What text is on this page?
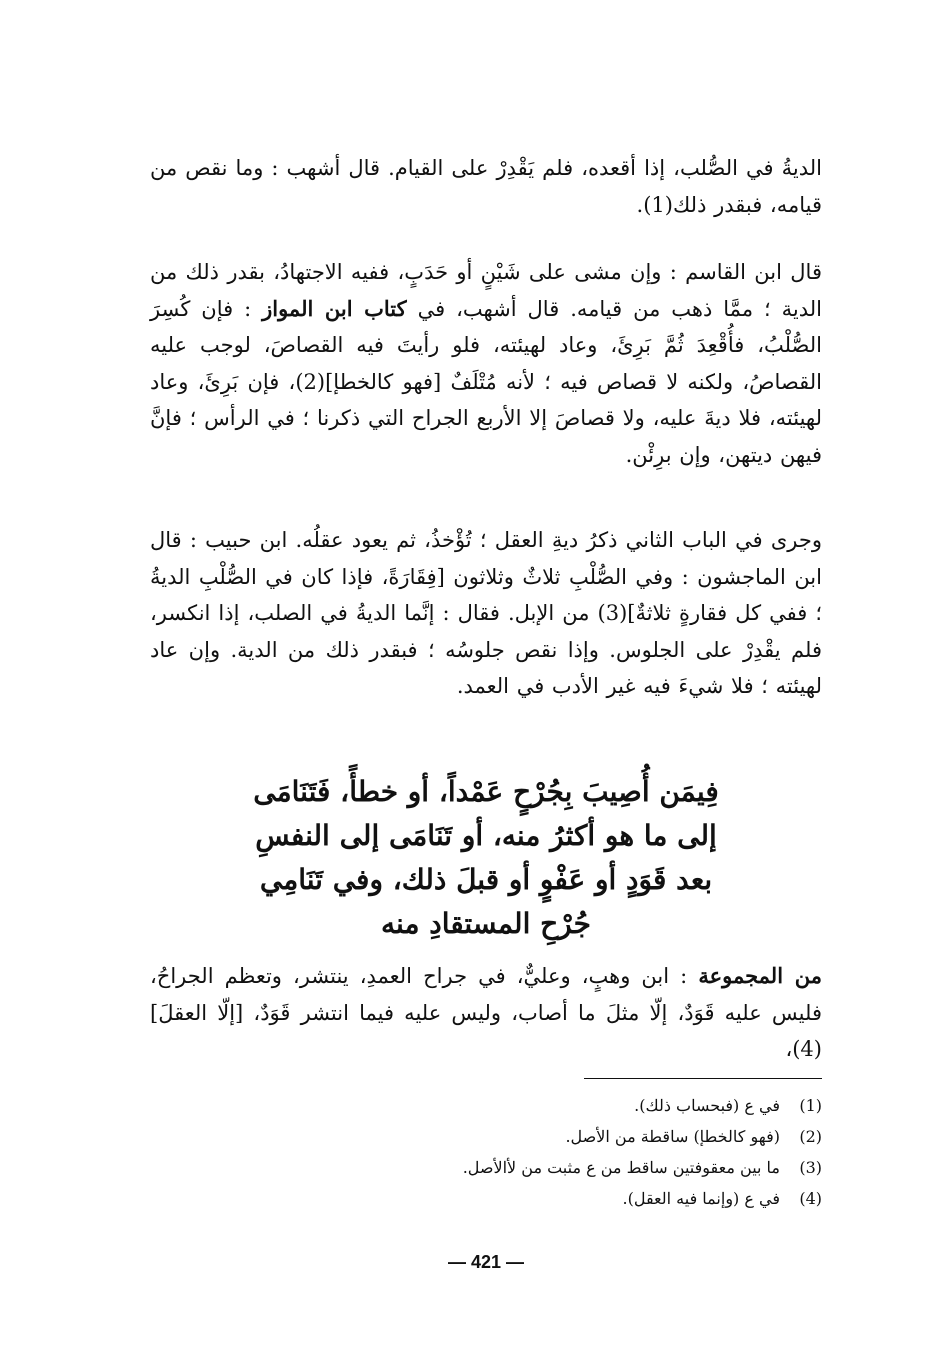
الديةُ في الصُّلب، إذا أقعده، فلم يَقْدِرْ على القيام. قال أشهب : وما نقص من قيامه، فبقدر ذلك(1).

قال ابن القاسم : وإن مشى على شَيْنٍ أو حَدَبٍ، ففيه الاجتهادُ، بقدر ذلك من الدية ؛ ممَّا ذهب من قيامه. قال أشهب، في كتاب ابن المواز : فإن كُسِرَ الصُّلْبُ، فأُقْعِدَ ثُمَّ بَرِئَ، وعاد لهيئته، فلو رأيتَ فيه القصاصَ، لوجب عليه القصاصُ، ولكنه لا قصاص فيه ؛ لأنه مُتْلَفٌ [فهو كالخطإ](2)، فإن بَرِئَ، وعاد لهيئته، فلا ديةَ عليه، ولا قصاصَ إلا الأربع الجراح التي ذكرنا ؛ في الرأس ؛ فإنَّ فيهن ديتهن، وإن برِئْن.

وجرى في الباب الثاني ذكرُ ديةِ العقل ؛ تُؤْخذُ، ثم يعود عقلُه. ابن حبيب : قال ابن الماجشون : وفي الصُّلْبِ ثلاثٌ وثلاثون [فِقَارَةً، فإذا كان في الصُّلْبِ الديةُ ؛ ففي كل فقارةٍ ثلاثةٌ](3) من الإبل. فقال : إنَّما الديةُ في الصلب، إذا انكسر، فلم يقْدِرْ على الجلوس. وإذا نقص جلوسُه ؛ فبقدر ذلك من الدية. وإن عاد لهيئته ؛ فلا شيءَ فيه غير الأدب في العمد.

فِيمَن أُصِيبَ بِجُرْحٍ عَمْداً، أو خطأً، فَتَنَامَى
إلى ما هو أكثرُ منه، أو تَنَامَى إلى النفسِ
بعد قَوَدٍ أو عَفْوٍ أو قبلَ ذلك، وفي تَنَامِي
جُرْحِ المستقادِ منه

من المجموعة : ابن وهبٍ، وعليٌّ، في جراح العمدِ، ينتشر، وتعظم الجراحُ، فليس عليه قَوَدٌ، إلّا مثلَ ما أصاب، وليس عليه فيما انتشر قَوَدٌ، [إلّا العقلَ](4)،

(1)
في ع (فبحساب ذلك).
(2)
(فهو كالخطإ) ساقطة من الأصل.
(3)
ما بين معقوفتين ساقط من ع مثبت من لأالأصل.
(4)
في ع (وإنما فيه العقل).
— 421 —
